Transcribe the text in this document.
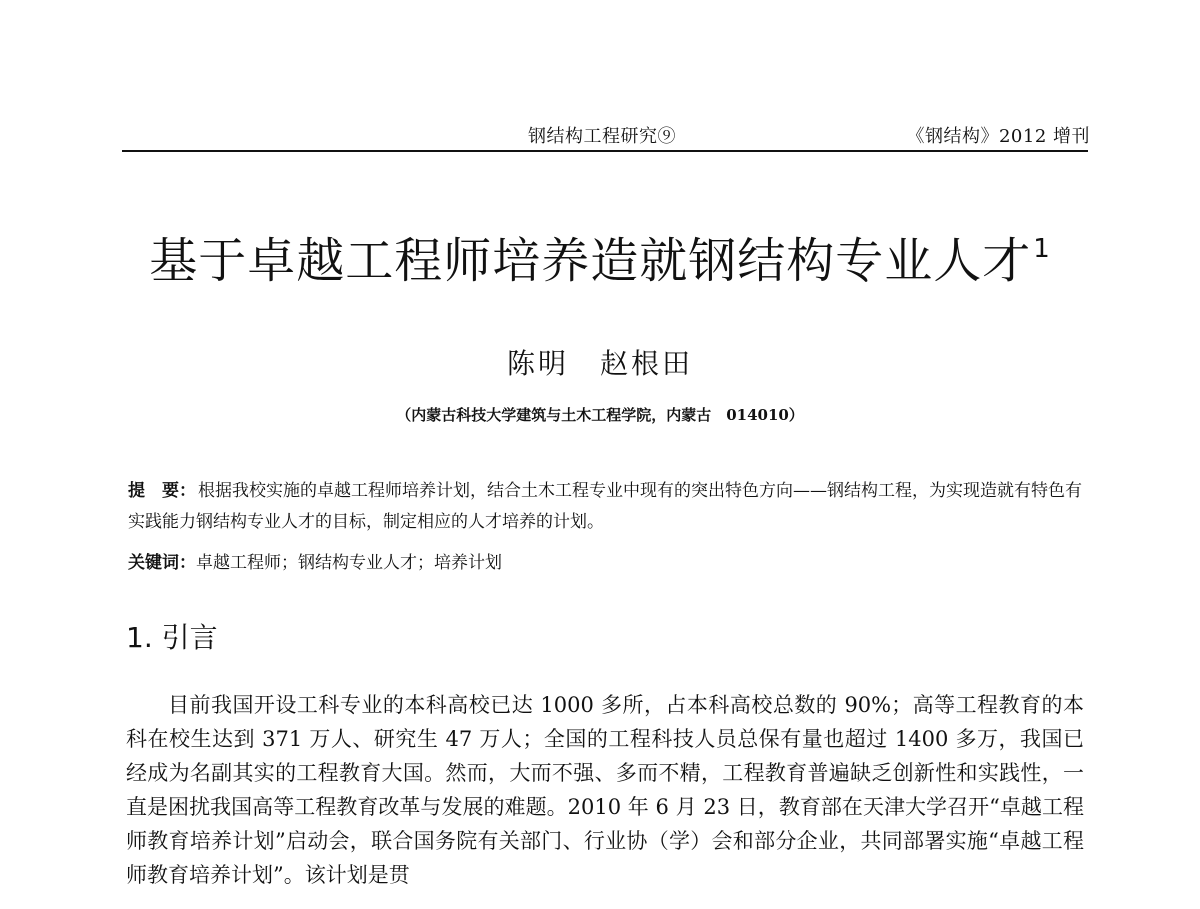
钢结构工程研究⑨	《钢结构》2012 增刊
基于卓越工程师培养造就钢结构专业人才$^1$
陈明　赵根田
（内蒙古科技大学建筑与土木工程学院，内蒙古　014010）

提　要： 根据我校实施的卓越工程师培养计划，结合土木工程专业中现有的突出特色方向——钢结构工程，为实现造就有特色有实践能力钢结构专业人才的目标，制定相应的人才培养的计划。

关键词：卓越工程师；钢结构专业人才；培养计划
1. 引言

目前我国开设工科专业的本科高校已达 1000 多所，占本科高校总数的 90%；高等工程教育的本科在校生达到 371 万人、研究生 47 万人；全国的工程科技人员总保有量也超过 1400 多万，我国已经成为名副其实的工程教育大国。然而，大而不强、多而不精，工程教育普遍缺乏创新性和实践性，一直是困扰我国高等工程教育改革与发展的难题。2010 年 6 月 23 日，教育部在天津大学召开“卓越工程师教育培养计划”启动会，联合国务院有关部门、行业协（学）会和部分企业，共同部署实施“卓越工程师教育培养计划”。该计划是贯
